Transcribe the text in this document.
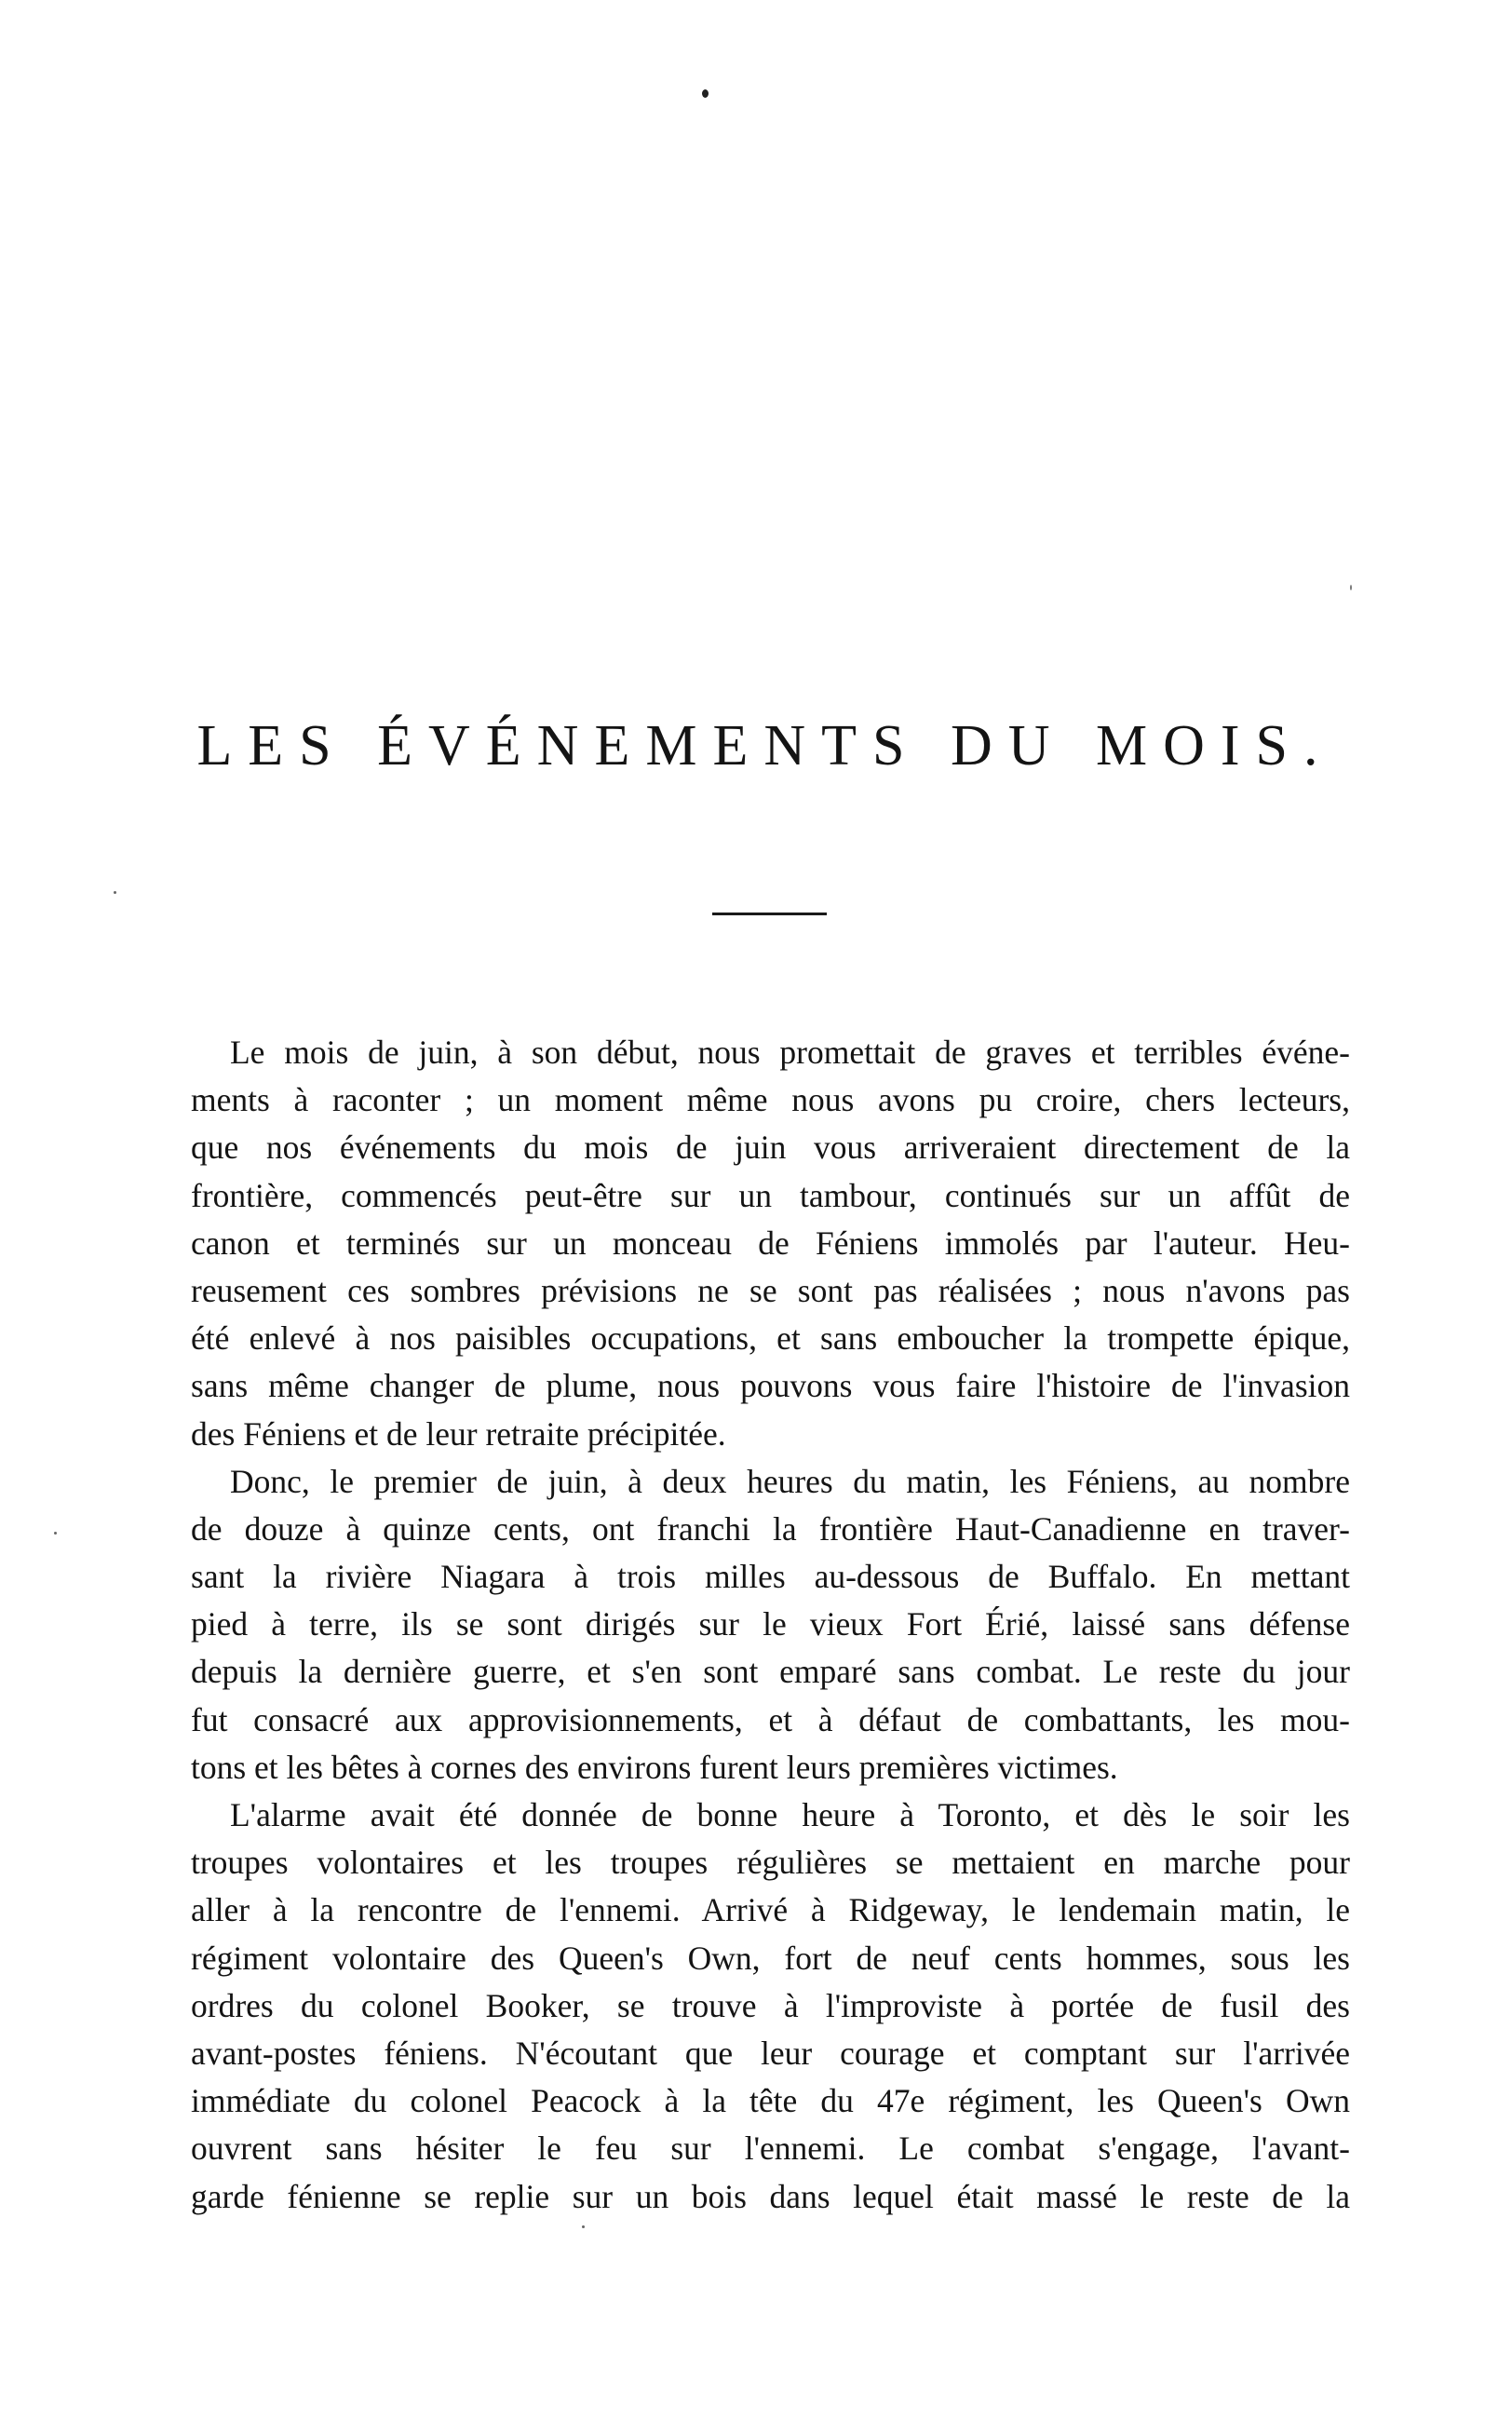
LES ÉVÉNEMENTS DU MOIS.
Le mois de juin, à son début, nous promettait de graves et terribles événe-
ments à raconter ; un moment même nous avons pu croire, chers lecteurs,
que nos événements du mois de juin vous arriveraient directement de la
frontière, commencés peut-être sur un tambour, continués sur un affût de
canon et terminés sur un monceau de Féniens immolés par l'auteur. Heu-
reusement ces sombres prévisions ne se sont pas réalisées ; nous n'avons pas
été enlevé à nos paisibles occupations, et sans emboucher la trompette épique,
sans même changer de plume, nous pouvons vous faire l'histoire de l'invasion
des Féniens et de leur retraite précipitée.
Donc, le premier de juin, à deux heures du matin, les Féniens, au nombre
de douze à quinze cents, ont franchi la frontière Haut-Canadienne en traver-
sant la rivière Niagara à trois milles au-dessous de Buffalo. En mettant
pied à terre, ils se sont dirigés sur le vieux Fort Érié, laissé sans défense
depuis la dernière guerre, et s'en sont emparé sans combat. Le reste du jour
fut consacré aux approvisionnements, et à défaut de combattants, les mou-
tons et les bêtes à cornes des environs furent leurs premières victimes.
L'alarme avait été donnée de bonne heure à Toronto, et dès le soir les
troupes volontaires et les troupes régulières se mettaient en marche pour
aller à la rencontre de l'ennemi. Arrivé à Ridgeway, le lendemain matin, le
régiment volontaire des Queen's Own, fort de neuf cents hommes, sous les
ordres du colonel Booker, se trouve à l'improviste à portée de fusil des
avant-postes féniens. N'écoutant que leur courage et comptant sur l'arrivée
immédiate du colonel Peacock à la tête du 47e régiment, les Queen's Own
ouvrent sans hésiter le feu sur l'ennemi. Le combat s'engage, l'avant-
garde fénienne se replie sur un bois dans lequel était massé le reste de la
